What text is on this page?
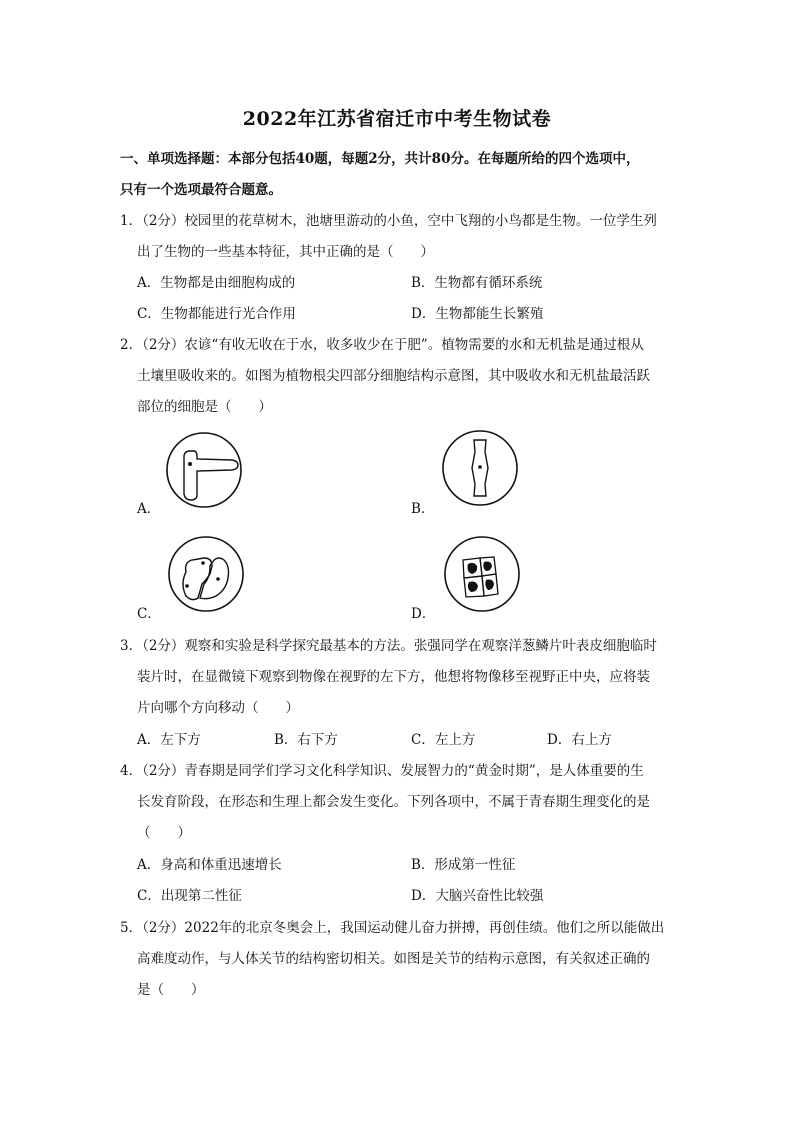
2022年江苏省宿迁市中考生物试卷
一、单项选择题：本部分包括40题，每题2分，共计80分。在每题所给的四个选项中，
只有一个选项最符合题意。
1．（2分）校园里的花草树木，池塘里游动的小鱼，空中飞翔的小鸟都是生物。一位学生列
出了生物的一些基本特征，其中正确的是（　　）
A．生物都是由细胞构成的	B．生物都有循环系统
C．生物都能进行光合作用	D．生物都能生长繁殖
2．（2分）农谚“有收无收在于水，收多收少在于肥”。植物需要的水和无机盐是通过根从
土壤里吸收来的。如图为植物根尖四部分细胞结构示意图，其中吸收水和无机盐最活跃
部位的细胞是（　　）
A．	B．
C．	D．
3．（2分）观察和实验是科学探究最基本的方法。张强同学在观察洋葱鳞片叶表皮细胞临时
装片时，在显微镜下观察到物像在视野的左下方，他想将物像移至视野正中央，应将装
片向哪个方向移动（　　）
A．左下方	B．右下方	C．左上方	D．右上方
4．（2分）青春期是同学们学习文化科学知识、发展智力的“黄金时期”，是人体重要的生
长发育阶段，在形态和生理上都会发生变化。下列各项中，不属于青春期生理变化的是
（　　）
A．身高和体重迅速增长	B．形成第一性征
C．出现第二性征	D．大脑兴奋性比较强
5．（2分）2022年的北京冬奥会上，我国运动健儿奋力拼搏，再创佳绩。他们之所以能做出
高难度动作，与人体关节的结构密切相关。如图是关节的结构示意图，有关叙述正确的
是（　　）
